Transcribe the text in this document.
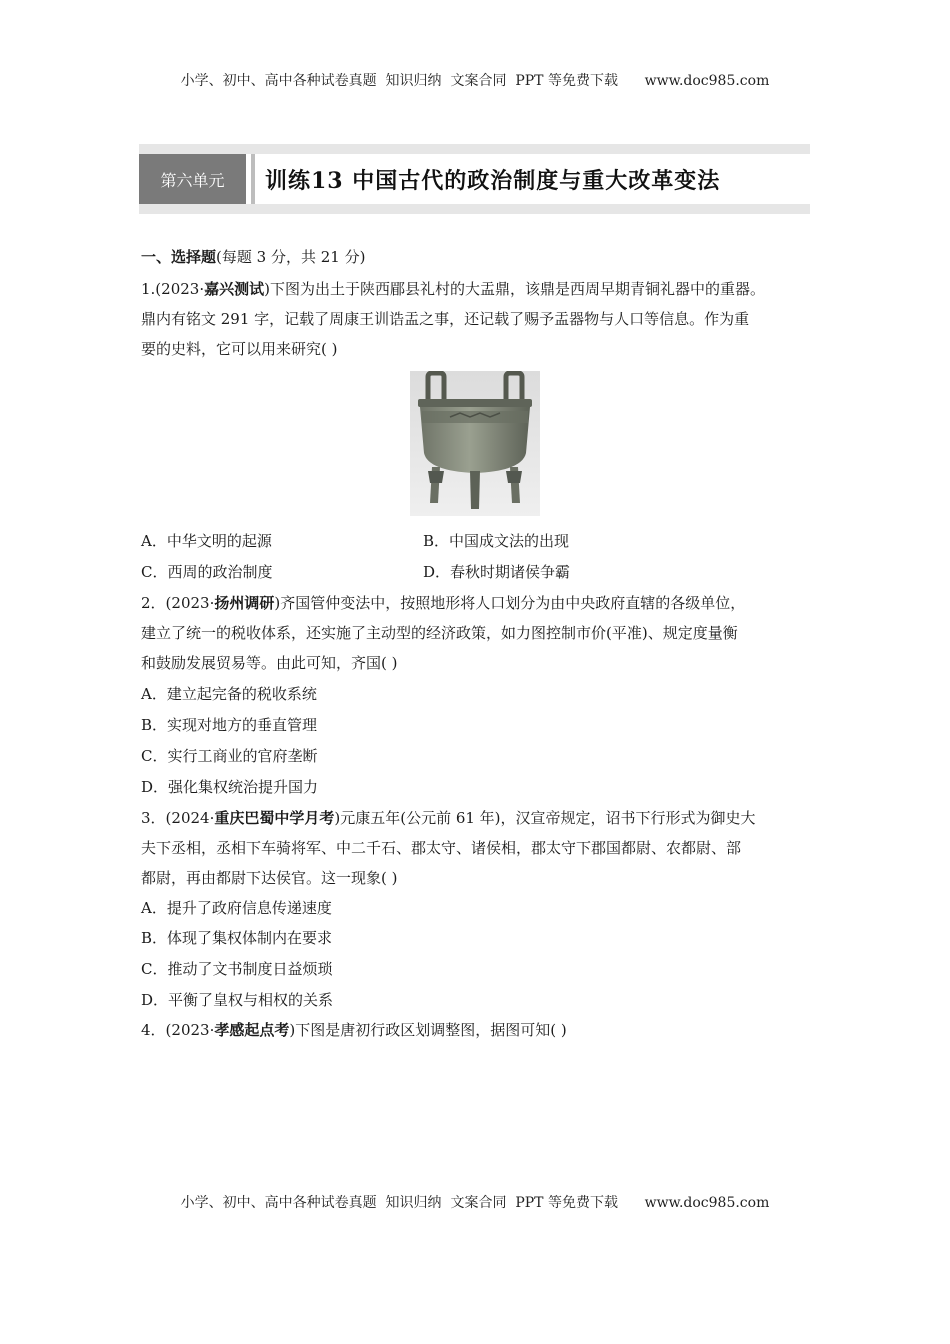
小学、初中、高中各种试卷真题  知识归纳  文案合同  PPT 等免费下载      www.doc985.com
第六单元	训练13 中国古代的政治制度与重大改革变法
一、选择题(每题 3 分，共 21 分)
1.(2023·嘉兴测试)下图为出土于陕西郿县礼村的大盂鼎，该鼎是西周早期青铜礼器中的重器。
鼎内有铭文 291 字，记载了周康王训诰盂之事，还记载了赐予盂器物与人口等信息。作为重
要的史料，它可以用来研究( )
A．中华文明的起源	B．中国成文法的出现
C．西周的政治制度	D．春秋时期诸侯争霸
2．(2023·扬州调研)齐国管仲变法中，按照地形将人口划分为由中央政府直辖的各级单位，
建立了统一的税收体系，还实施了主动型的经济政策，如力图控制市价(平准)、规定度量衡
和鼓励发展贸易等。由此可知，齐国( )
A．建立起完备的税收系统
B．实现对地方的垂直管理
C．实行工商业的官府垄断
D．强化集权统治提升国力
3．(2024·重庆巴蜀中学月考)元康五年(公元前 61 年)，汉宣帝规定，诏书下行形式为御史大
夫下丞相，丞相下车骑将军、中二千石、郡太守、诸侯相，郡太守下郡国都尉、农都尉、部
都尉，再由都尉下达侯官。这一现象( )
A．提升了政府信息传递速度
B．体现了集权体制内在要求
C．推动了文书制度日益烦琐
D．平衡了皇权与相权的关系
4．(2023·孝感起点考)下图是唐初行政区划调整图，据图可知( )
小学、初中、高中各种试卷真题  知识归纳  文案合同  PPT 等免费下载      www.doc985.com
